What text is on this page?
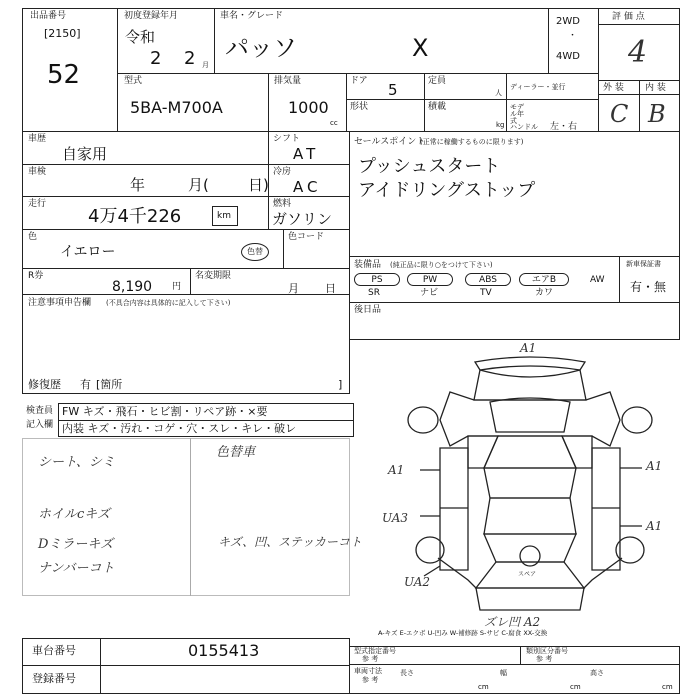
出品番号
[2150]
52
初度登録年月
令和
2 2 月
車名・グレード
パッソ	X
2WD
・
4WD
評 価 点
4
外 装 内 装
C B
型式
5BA-M700A
排気量
1000
cc
ドア 5	定員
人
形状	積載
kg
ディーラー・並行
モデル年式
ハンドル 左・右
車歴
自家用
シフト
AT
車検
年	月(	日)
冷房
AC
走行
4万4千226	km
燃料
ガソリン
色
イエロー	色替
色コード
R券
8,190 円
名変期限
月 日
セールスポイント
(正常に稼働するものに限ります)
プッシュスタート
アイドリングストップ
装備品 (純正品に限り○をつけて下さい)
PS	PW	ABS	エアB	AW
SR	ナビ	TV	カワ
新車保証書
有・無
後日品
注意事項申告欄 (不具合内容は具体的に記入して下さい)
修復歴 有 [箇所	]
検査員
記入欄
FW キズ・飛石・ヒビ割・リペア跡・×要
内装 キズ・汚れ・コゲ・穴・スレ・キレ・破レ
シート、シミ
色替車
ホイルcキズ
Dミラーキズ
ナンバーコト
キズ、凹、ステッカーコト
A1
A1	A1
A1
UA3
UA2
ズレ凹 A2
スペア
A-キズ E-エクボ U-凹み W-補修跡 S-サビ C-腐食 XX-交換
車台番号	0155413
登録番号
型式指定番号
参 考
類別区分番号
参 考
車両寸法
参 考
長さ
cm
幅
cm
高さ
cm
